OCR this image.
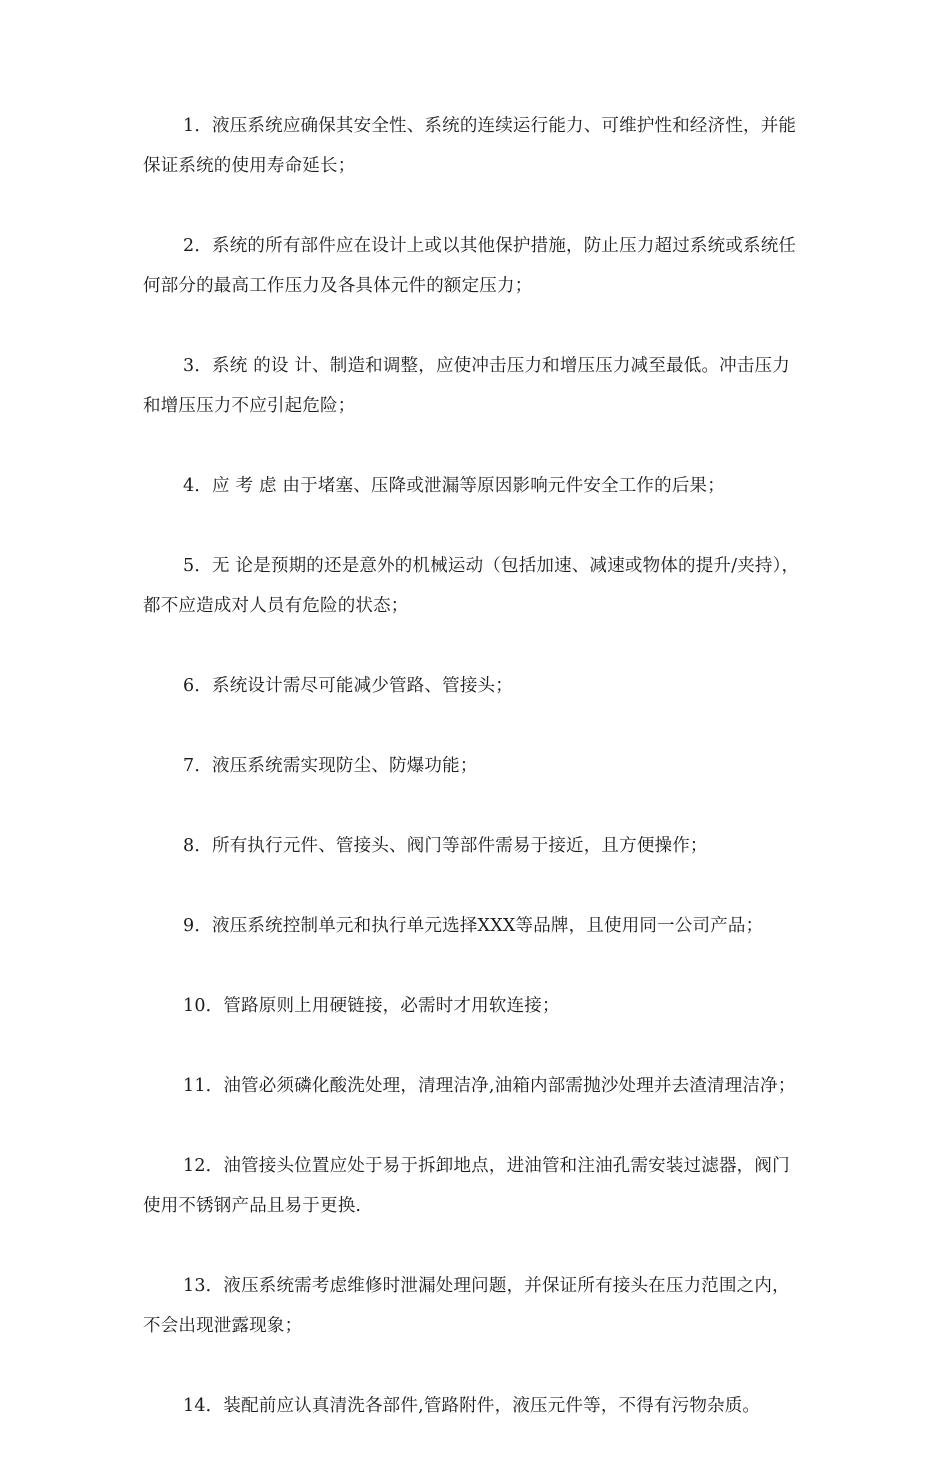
1．液压系统应确保其安全性、系统的连续运行能力、可维护性和经济性，并能保证系统的使用寿命延长；

2．系统的所有部件应在设计上或以其他保护措施，防止压力超过系统或系统任何部分的最高工作压力及各具体元件的额定压力；

3．系统 的设 计、制造和调整，应使冲击压力和增压压力减至最低。冲击压力和增压压力不应引起危险；

4．应 考 虑 由于堵塞、压降或泄漏等原因影响元件安全工作的后果；

5．无 论是预期的还是意外的机械运动（包括加速、减速或物体的提升/夹持），都不应造成对人员有危险的状态；

6．系统设计需尽可能减少管路、管接头；

7．液压系统需实现防尘、防爆功能；

8．所有执行元件、管接头、阀门等部件需易于接近，且方便操作；

9．液压系统控制单元和执行单元选择XXX等品牌，且使用同一公司产品；

10．管路原则上用硬链接，必需时才用软连接；

11．油管必须磷化酸洗处理，清理洁净,油箱内部需抛沙处理并去渣清理洁净；

12．油管接头位置应处于易于拆卸地点，进油管和注油孔需安装过滤器，阀门使用不锈钢产品且易于更换.

13．液压系统需考虑维修时泄漏处理问题，并保证所有接头在压力范围之内，不会出现泄露现象；

14．装配前应认真清洗各部件,管路附件，液压元件等，不得有污物杂质。
